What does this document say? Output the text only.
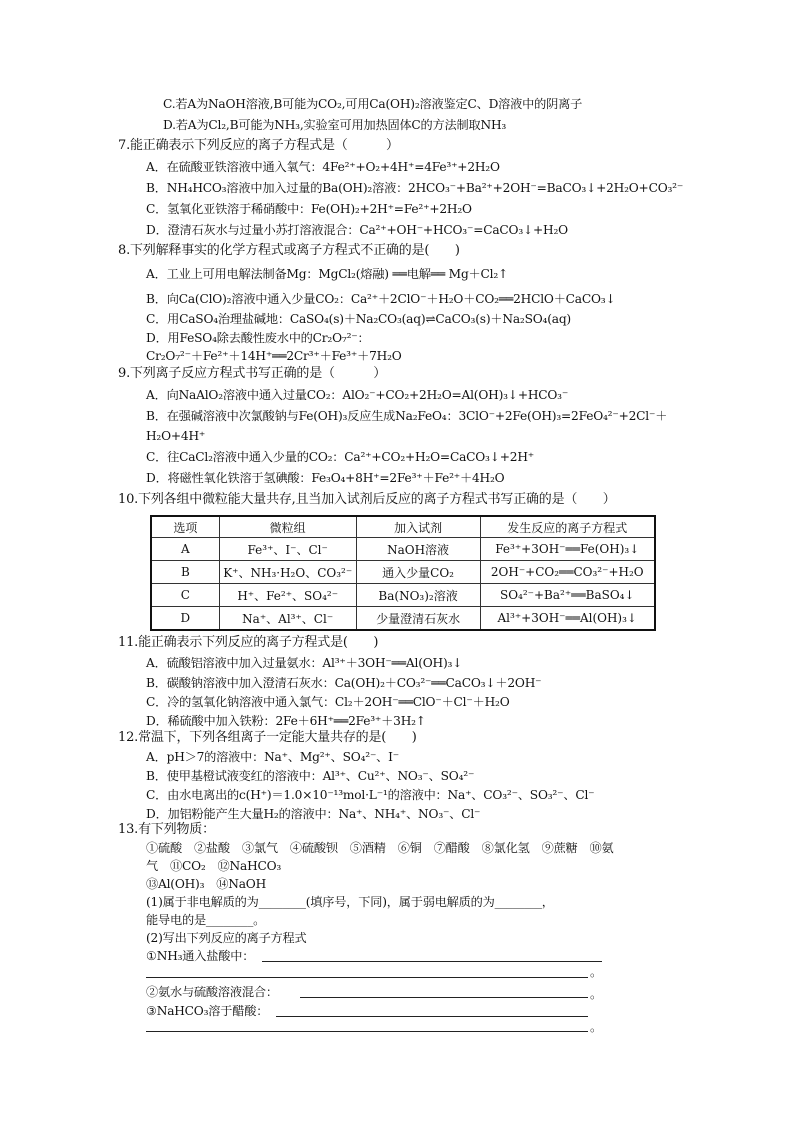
C.若A为NaOH溶液,B可能为CO₂,可用Ca(OH)₂溶液鉴定C、D溶液中的阴离子
D.若A为Cl₂,B可能为NH₃,实验室可用加热固体C的方法制取NH₃
7.能正确表示下列反应的离子方程式是（　　　）
A．在硫酸亚铁溶液中通入氧气：4Fe²⁺+O₂+4H⁺=4Fe³⁺+2H₂O
B．NH₄HCO₃溶液中加入过量的Ba(OH)₂溶液：2HCO₃⁻+Ba²⁺+2OH⁻=BaCO₃↓+2H₂O+CO₃²⁻
C．氢氧化亚铁溶于稀硝酸中：Fe(OH)₂+2H⁺=Fe²⁺+2H₂O
D．澄清石灰水与过量小苏打溶液混合：Ca²⁺+OH⁻+HCO₃⁻=CaCO₃↓+H₂O
8.下列解释事实的化学方程式或离子方程式不正确的是(　　)
A．工业上可用电解法制备Mg：MgCl₂(熔融) ══电解══ Mg＋Cl₂↑
B．向Ca(ClO)₂溶液中通入少量CO₂：Ca²⁺＋2ClO⁻＋H₂O＋CO₂══2HClO＋CaCO₃↓
C．用CaSO₄治理盐碱地：CaSO₄(s)＋Na₂CO₃(aq)⇌CaCO₃(s)＋Na₂SO₄(aq)
D．用FeSO₄除去酸性废水中的Cr₂O₇²⁻：
Cr₂O₇²⁻＋Fe²⁺＋14H⁺══2Cr³⁺＋Fe³⁺＋7H₂O
9.下列离子反应方程式书写正确的是（　　　）
A．向NaAlO₂溶液中通入过量CO₂：AlO₂⁻+CO₂+2H₂O=Al(OH)₃↓+HCO₃⁻
B．在强碱溶液中次氯酸钠与Fe(OH)₃反应生成Na₂FeO₄：3ClO⁻+2Fe(OH)₃=2FeO₄²⁻+2Cl⁻＋
H₂O+4H⁺
C．往CaCl₂溶液中通入少量的CO₂：Ca²⁺+CO₂+H₂O=CaCO₃↓+2H⁺
D．将磁性氧化铁溶于氢碘酸：Fe₃O₄+8H⁺=2Fe³⁺＋Fe²⁺＋4H₂O
10.下列各组中微粒能大量共存,且当加入试剂后反应的离子方程式书写正确的是（　　）
选项	微粒组	加入试剂	发生反应的离子方程式
A	Fe³⁺、I⁻、Cl⁻	NaOH溶液	Fe³⁺+3OH⁻══Fe(OH)₃↓
B	K⁺、NH₃·H₂O、CO₃²⁻	通入少量CO₂	2OH⁻+CO₂══CO₃²⁻+H₂O
C	H⁺、Fe²⁺、SO₄²⁻	Ba(NO₃)₂溶液	SO₄²⁻+Ba²⁺══BaSO₄↓
D	Na⁺、Al³⁺、Cl⁻	少量澄清石灰水	Al³⁺+3OH⁻══Al(OH)₃↓
11.能正确表示下列反应的离子方程式是(　　)
A．硫酸铝溶液中加入过量氨水：Al³⁺＋3OH⁻══Al(OH)₃↓
B．碳酸钠溶液中加入澄清石灰水：Ca(OH)₂＋CO₃²⁻══CaCO₃↓＋2OH⁻
C．冷的氢氧化钠溶液中通入氯气：Cl₂＋2OH⁻══ClO⁻＋Cl⁻＋H₂O
D．稀硫酸中加入铁粉：2Fe＋6H⁺══2Fe³⁺＋3H₂↑
12.常温下，下列各组离子一定能大量共存的是(　　)
A．pH＞7的溶液中：Na⁺、Mg²⁺、SO₄²⁻、I⁻
B．使甲基橙试液变红的溶液中：Al³⁺、Cu²⁺、NO₃⁻、SO₄²⁻
C．由水电离出的c(H⁺)＝1.0×10⁻¹³mol·L⁻¹的溶液中：Na⁺、CO₃²⁻、SO₃²⁻、Cl⁻
D．加铝粉能产生大量H₂的溶液中：Na⁺、NH₄⁺、NO₃⁻、Cl⁻
13.有下列物质：
①硫酸　②盐酸　③氯气　④硫酸钡　⑤酒精　⑥铜　⑦醋酸　⑧氯化氢　⑨蔗糖　⑩氨
气　⑪CO₂　⑫NaHCO₃
⑬Al(OH)₃　⑭NaOH
(1)属于非电解质的为________(填序号，下同)，属于弱电解质的为________，
能导电的是________。
(2)写出下列反应的离子方程式
①NH₃通入盐酸中：
。
②氨水与硫酸溶液混合：	。
③NaHCO₃溶于醋酸：
。
